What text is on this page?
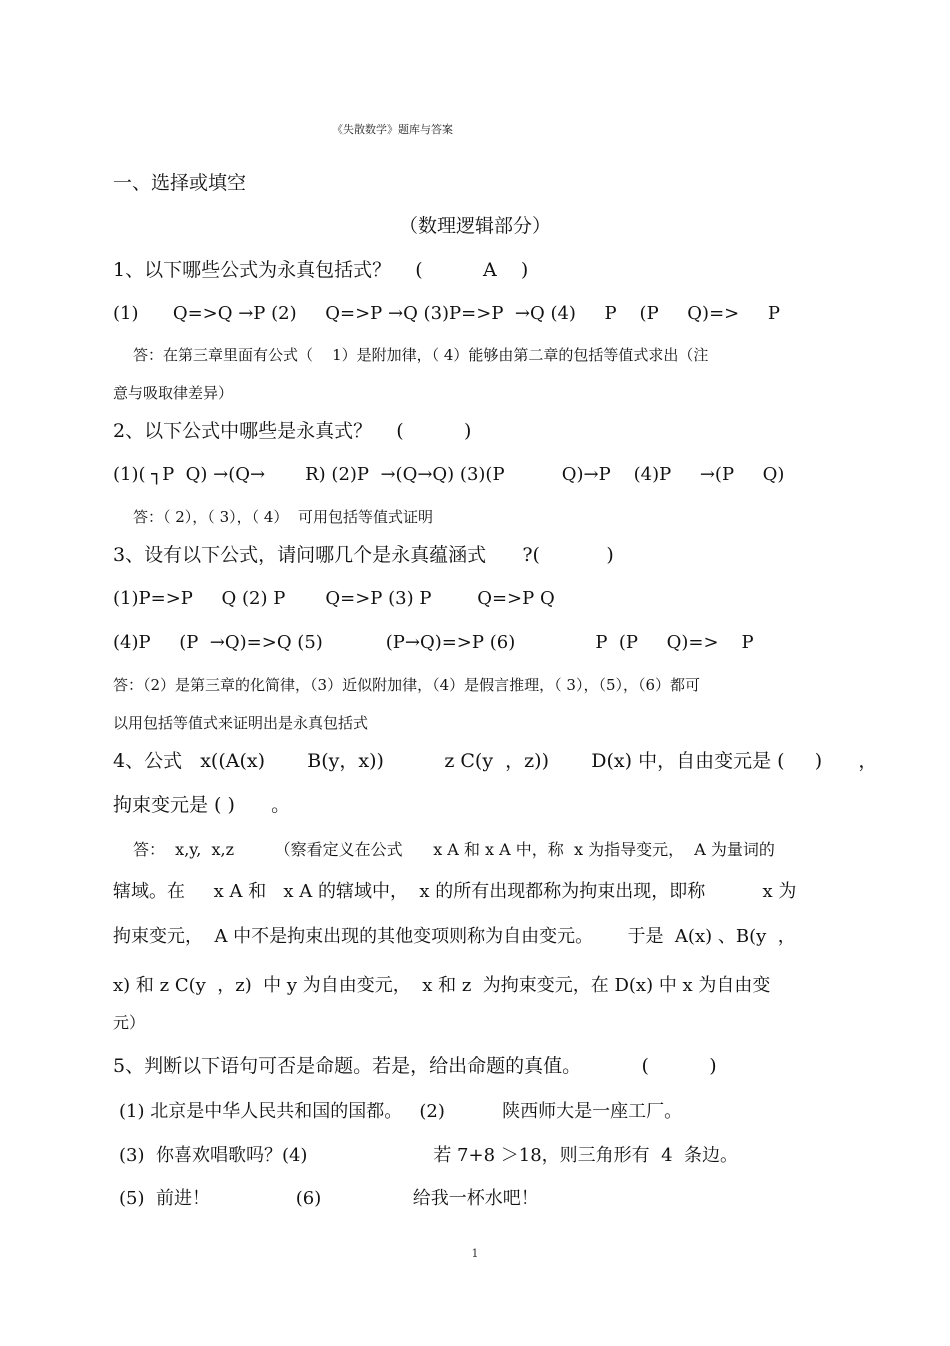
《失散数学》题库与答案
一、选择或填空
（数理逻辑部分）
1、以下哪些公式为永真包括式？    (          A    )
(1)      Q=>Q →P (2)     Q=>P →Q (3)P=>P  →Q (4)     P    (P     Q)=>     P
答：在第三章里面有公式（    1）是附加律，（ 4）能够由第二章的包括等值式求出（注
意与吸取律差异）
2、以下公式中哪些是永真式？    (          )
(1)( ┐P  Q) →(Q→       R) (2)P  →(Q→Q) (3)(P          Q)→P    (4)P     →(P     Q)
答：（ 2），（ 3），（ 4）  可用包括等值式证明
3、设有以下公式，请问哪几个是永真蕴涵式      ?(           )
(1)P=>P     Q (2) P       Q=>P (3) P        Q=>P Q
(4)P     (P  →Q)=>Q (5)           (P→Q)=>P (6)              P  (P     Q)=>    P
答：（2）是第三章的化简律，（3）近似附加律，（4）是假言推理，（ 3），（5），（6）都可
以用包括等值式来证明出是永真包括式
4、公式   x((A(x)       B(y，x))          z C(y  ，z))       D(x) 中，自由变元是 (     )      ，
拘束变元是 ( )      。
答：  x,y,  x,z        （察看定义在公式      x A 和 x A 中，称  x 为指导变元，  A 为量词的
辖域。在     x A 和   x A 的辖域中，  x 的所有出现都称为拘束出现，即称          x 为
拘束变元，  A 中不是拘束出现的其他变项则称为自由变元。      于是  A(x) 、B(y  ，
x) 和 z C(y  ，z)  中 y 为自由变元，  x 和 z  为拘束变元，在 D(x) 中 x 为自由变
元）
5、判断以下语句可否是命题。若是，给出命题的真值。          (          )
(1) 北京是中华人民共和国的国都。   (2)          陕西师大是一座工厂。
(3)  你喜欢唱歌吗？(4)                      若 7+8 ＞18，则三角形有  4  条边。
(5)  前进！               (6)                给我一杯水吧！
1
